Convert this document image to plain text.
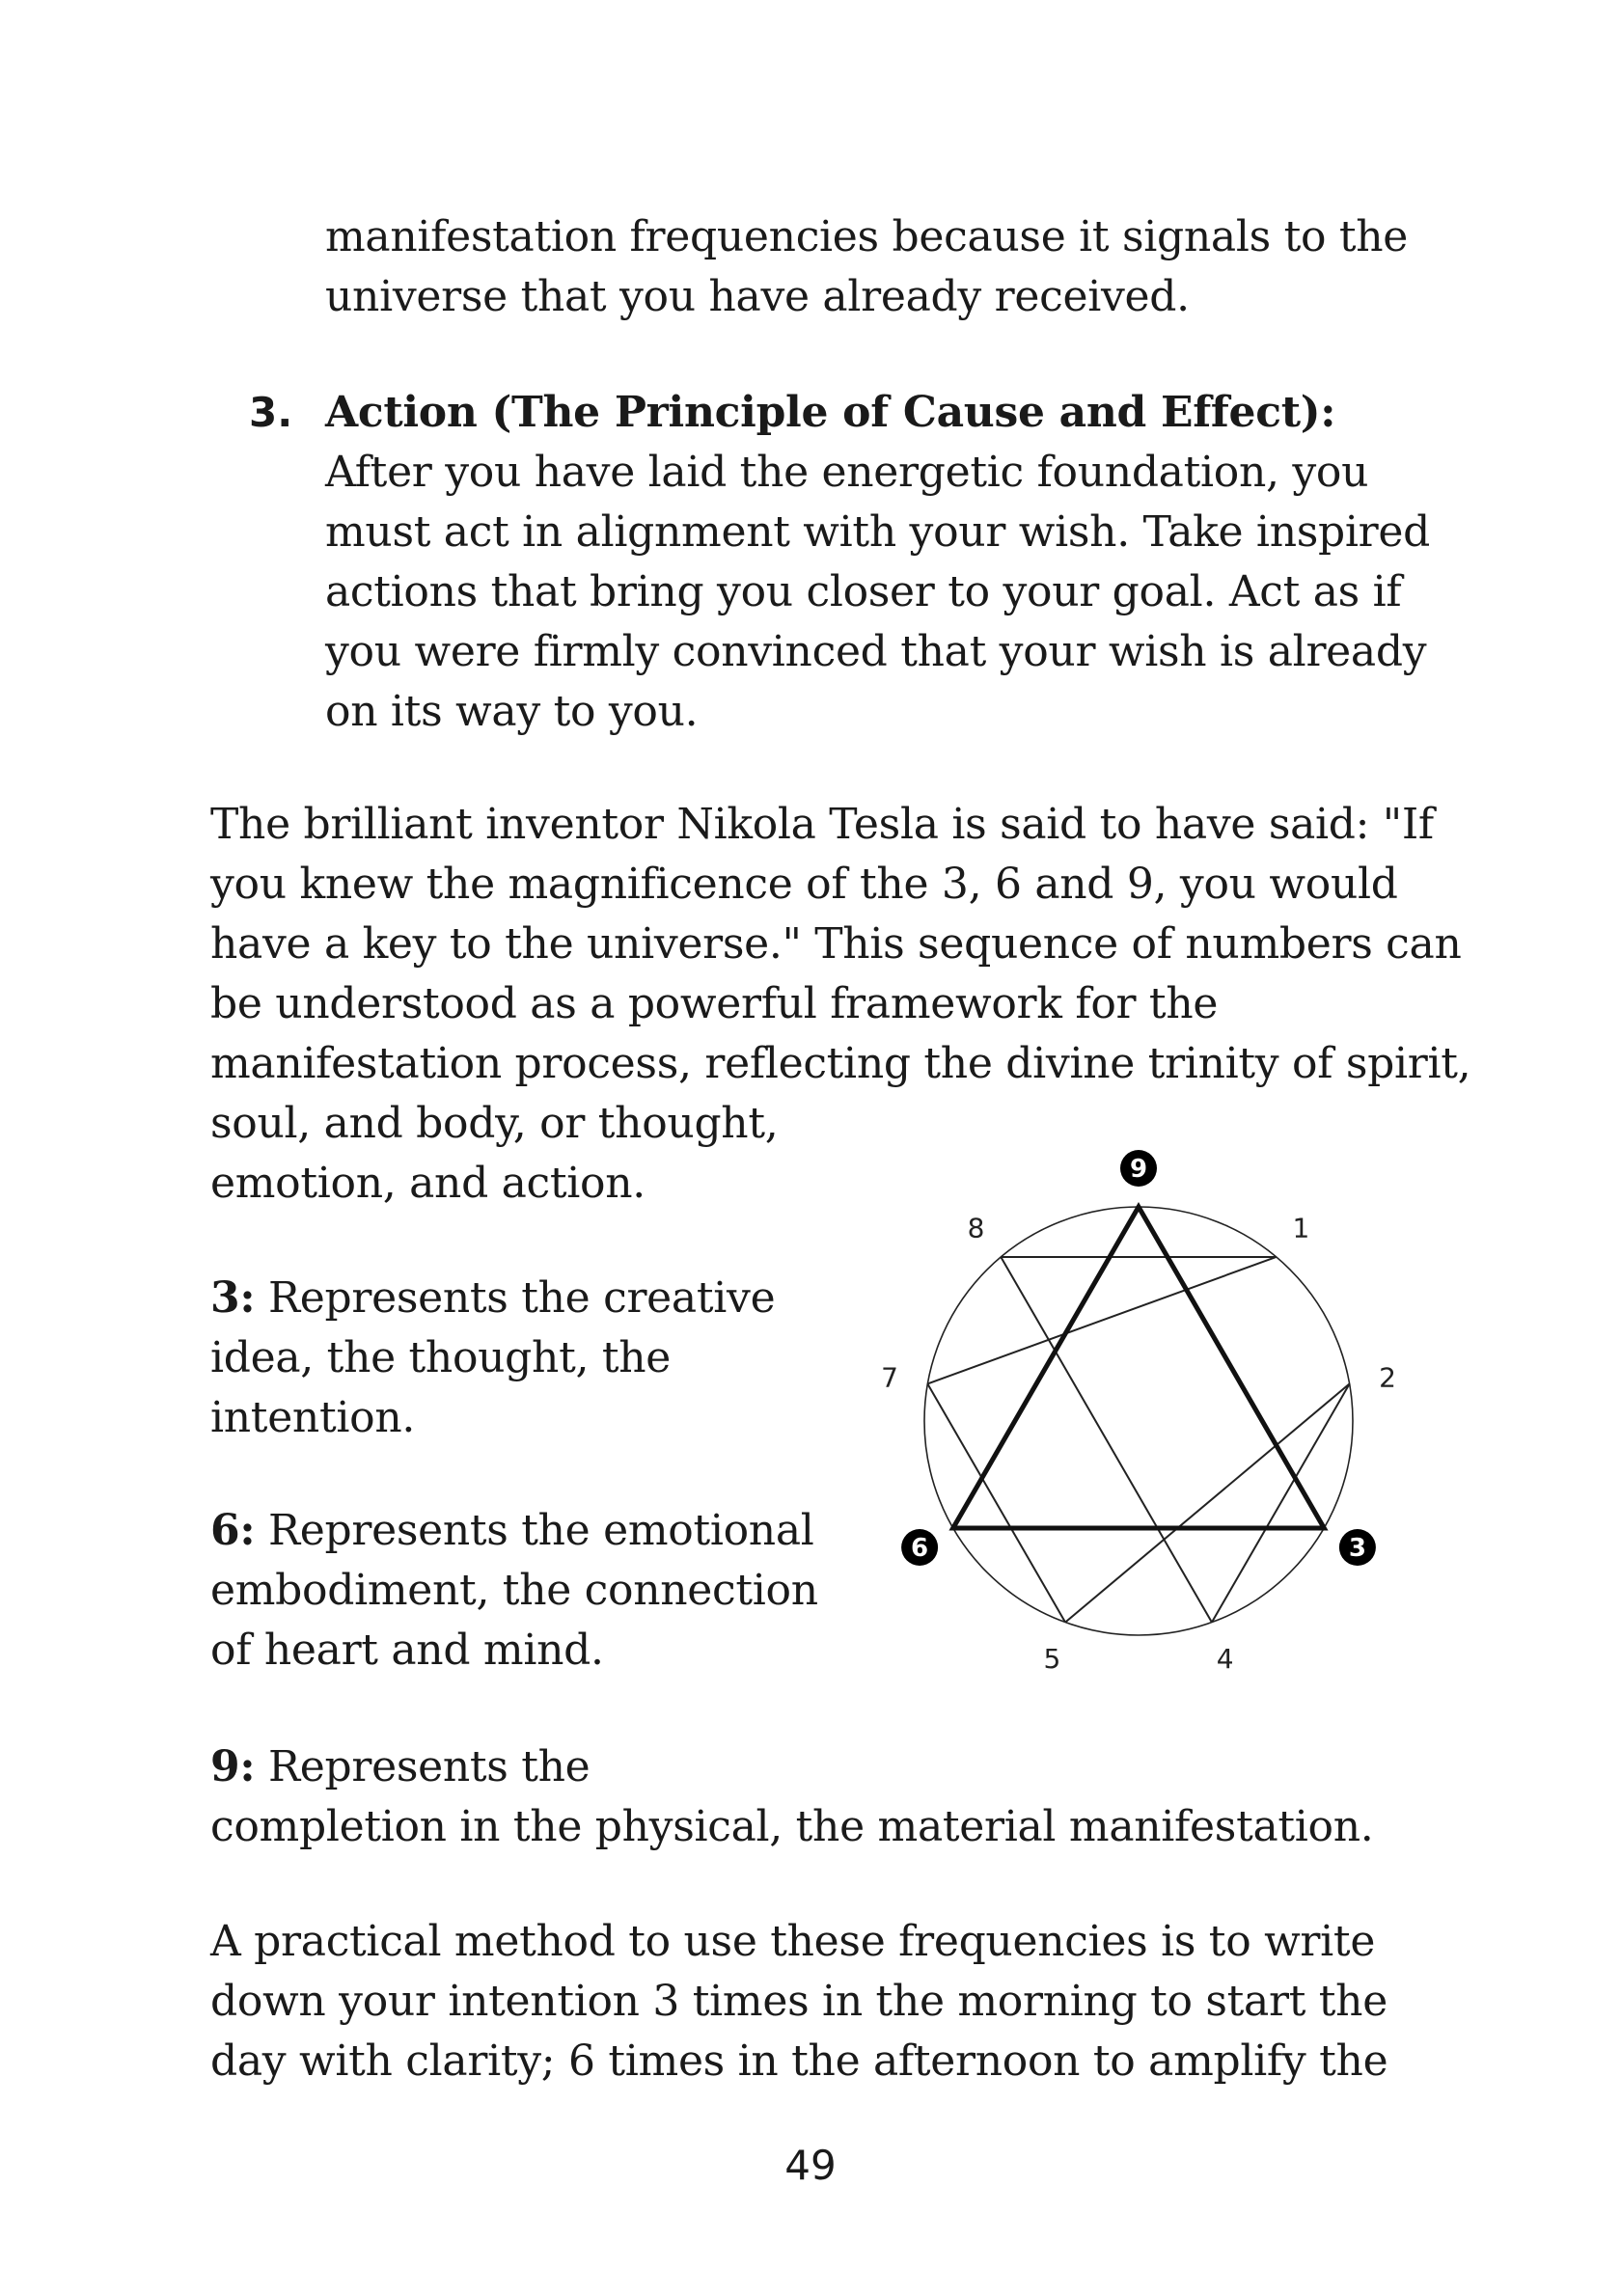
manifestation frequencies because it signals to the
universe that you have already received.
3. Action (The Principle of Cause and Effect):
After you have laid the energetic foundation, you
must act in alignment with your wish. Take inspired
actions that bring you closer to your goal. Act as if
you were firmly convinced that your wish is already
on its way to you.
The brilliant inventor Nikola Tesla is said to have said: "If
you knew the magnificence of the 3, 6 and 9, you would
have a key to the universe." This sequence of numbers can
be understood as a powerful framework for the
manifestation process, reflecting the divine trinity of spirit,
soul, and body, or thought,
emotion, and action.
3: Represents the creative
idea, the thought, the
intention.
6: Represents the emotional
embodiment, the connection
of heart and mind.
9: Represents the
completion in the physical, the material manifestation.
A practical method to use these frequencies is to write
down your intention 3 times in the morning to start the
day with clarity; 6 times in the afternoon to amplify the
1
2
3
4
5
6
7
8
9
49
